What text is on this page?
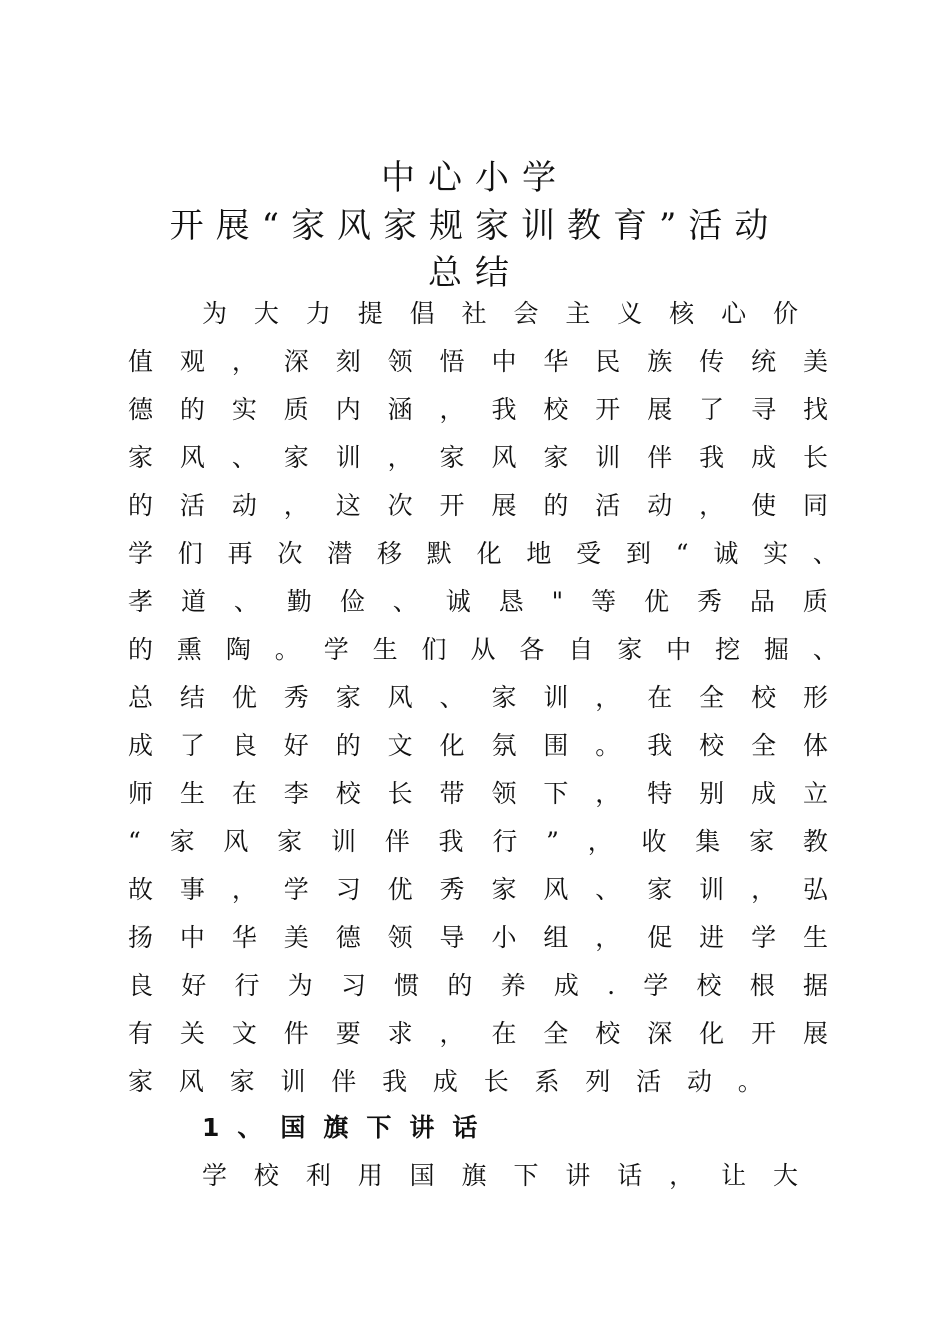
中心小学
开展“家风家规家训教育”活动
总结
为 大 力 提 倡 社 会 主 义 核 心 价
值 观 ， 深 刻 领 悟 中 华 民 族 传 统 美
德 的 实 质 内 涵 ， 我 校 开 展 了 寻 找
家 风 、 家 训 ， 家 风 家 训 伴 我 成 长
的 活 动 ， 这 次 开 展 的 活 动 ， 使 同
学 们 再 次 潜 移 默 化 地 受 到 “ 诚 实 、
孝 道 、 勤 俭 、 诚 恳 " 等 优 秀 品 质
的 熏 陶 。 学 生 们 从 各 自 家 中 挖 掘 、
总 结 优 秀 家 风 、 家 训 ， 在 全 校 形
成 了 良 好 的 文 化 氛 围 。 我 校 全 体
师 生 在 李 校 长 带 领 下 ， 特 别 成 立
“ 家 风 家 训 伴 我 行 ” ， 收 集 家 教
故 事 ， 学 习 优 秀 家 风 、 家 训 ， 弘
扬 中 华 美 德 领 导 小 组 ， 促 进 学 生
良 好 行 为 习 惯 的 养 成 . 学 校 根 据
有 关 文 件 要 求 ， 在 全 校 深 化 开 展
家 风 家 训 伴 我 成 长 系 列 活 动 。
1、国旗下讲话
学 校 利 用 国 旗 下 讲 话 ， 让 大
